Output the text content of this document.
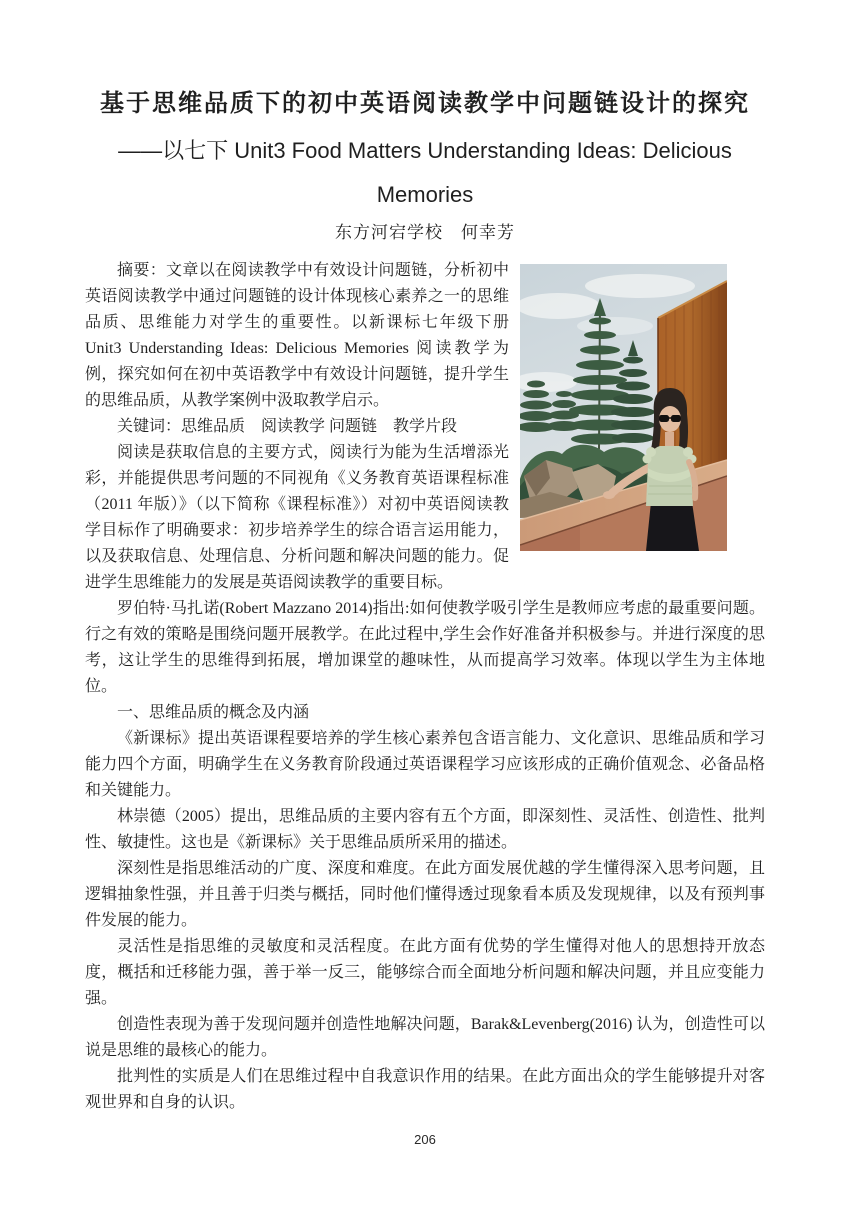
基于思维品质下的初中英语阅读教学中问题链设计的探究
——以七下 Unit3 Food Matters Understanding Ideas: Delicious
Memories
东方河宕学校　何幸芳

摘要：文章以在阅读教学中有效设计问题链，分析初中英语阅读教学中通过问题链的设计体现核心素养之一的思维品质、思维能力对学生的重要性。以新课标七年级下册 Unit3 Understanding Ideas: Delicious Memories 阅读教学为例，探究如何在初中英语教学中有效设计问题链，提升学生的思维品质，从教学案例中汲取教学启示。

关键词：思维品质　阅读教学 问题链　教学片段

阅读是获取信息的主要方式，阅读行为能为生活增添光彩，并能提供思考问题的不同视角《义务教育英语课程标准（2011 年版）》（以下简称《课程标准》）对初中英语阅读教学目标作了明确要求：初步培养学生的综合语言运用能力，以及获取信息、处理信息、分析问题和解决问题的能力。促进学生思维能力的发展是英语阅读教学的重要目标。

罗伯特·马扎诺(Robert Mazzano 2014)指出:如何使教学吸引学生是教师应考虑的最重要问题。行之有效的策略是围绕问题开展教学。在此过程中,学生会作好准备并积极参与。并进行深度的思考，这让学生的思维得到拓展，增加课堂的趣味性，从而提高学习效率。体现以学生为主体地位。

一、思维品质的概念及内涵

《新课标》提出英语课程要培养的学生核心素养包含语言能力、文化意识、思维品质和学习能力四个方面，明确学生在义务教育阶段通过英语课程学习应该形成的正确价值观念、必备品格和关键能力。

林崇德（2005）提出，思维品质的主要内容有五个方面，即深刻性、灵活性、创造性、批判性、敏捷性。这也是《新课标》关于思维品质所采用的描述。

深刻性是指思维活动的广度、深度和难度。在此方面发展优越的学生懂得深入思考问题，且逻辑抽象性强，并且善于归类与概括，同时他们懂得透过现象看本质及发现规律，以及有预判事件发展的能力。

灵活性是指思维的灵敏度和灵活程度。在此方面有优势的学生懂得对他人的思想持开放态度，概括和迁移能力强，善于举一反三，能够综合而全面地分析问题和解决问题，并且应变能力强。

创造性表现为善于发现问题并创造性地解决问题，Barak&Levenberg(2016) 认为，创造性可以说是思维的最核心的能力。

批判性的实质是人们在思维过程中自我意识作用的结果。在此方面出众的学生能够提升对客观世界和自身的认识。

206
